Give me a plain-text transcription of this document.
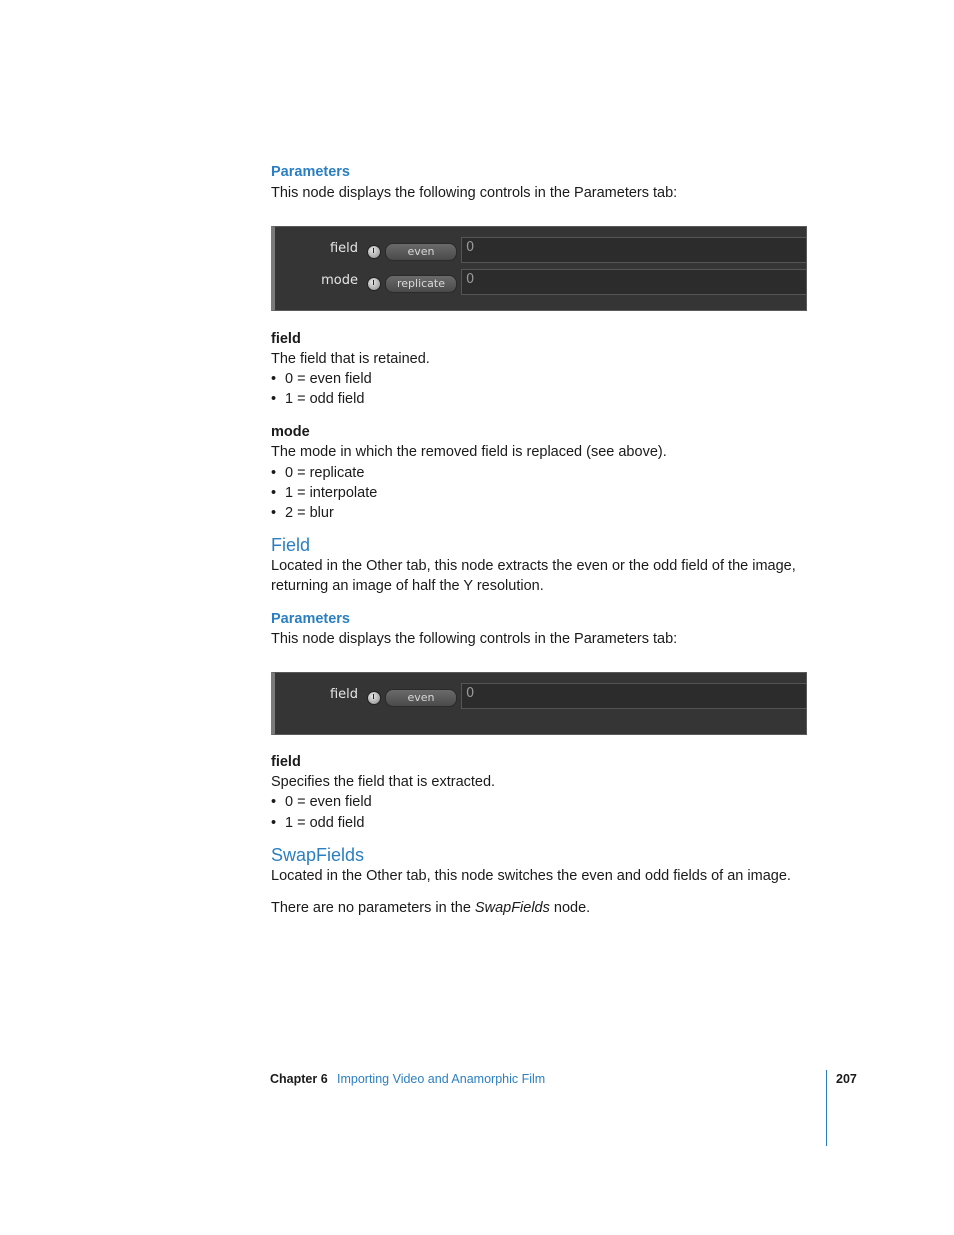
Parameters
This node displays the following controls in the Parameters tab:
field
The field that is retained.
• 0 = even field
• 1 = odd field
mode
The mode in which the removed field is replaced (see above).
• 0 = replicate
• 1 = interpolate
• 2 = blur
Field
Located in the Other tab, this node extracts the even or the odd field of the image,
returning an image of half the Y resolution.
Parameters
This node displays the following controls in the Parameters tab:
field
Specifies the field that is extracted.
• 0 = even field
• 1 = odd field
SwapFields
Located in the Other tab, this node switches the even and odd fields of an image.
There are no parameters in the SwapFields node.
field	even	0
mode	replicate	0
field	even	0
Chapter 6 Importing Video and Anamorphic Film	207
